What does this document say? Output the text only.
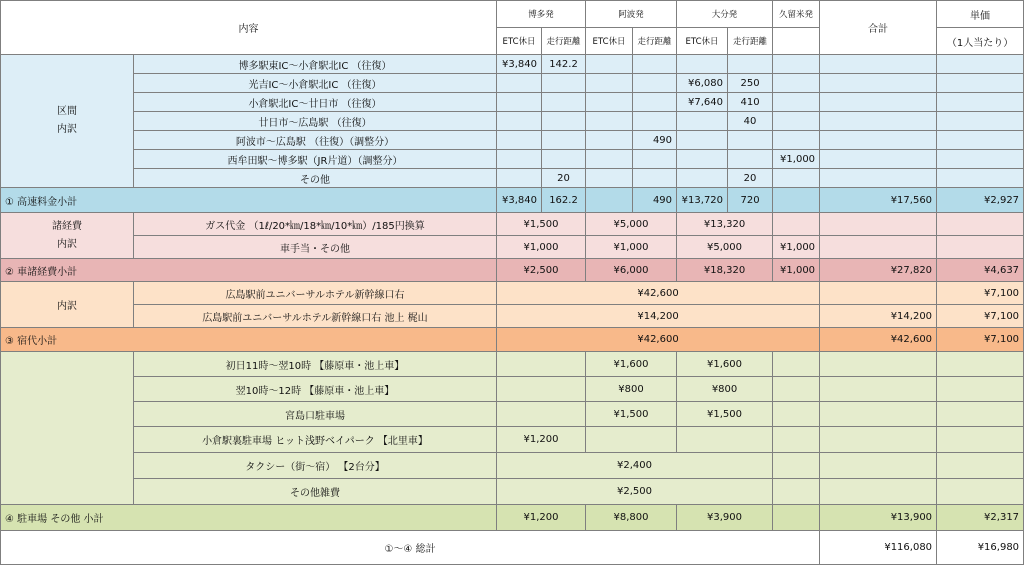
内容		博多発		阿波発		大分発		久留米発	合計	単価
		ETC休日	走行距離	ETC休日	走行距離	ETC休日	走行距離			（1人当たり）

区間
内訳	博多駅東IC～小倉駅北IC （往復）	¥3,840	142.2							
	光吉IC～小倉駅北IC （往復）					¥6,080	250			
	小倉駅北IC～廿日市 （往復）					¥7,640	410			
	廿日市～広島駅 （往復）						40			
	阿波市～広島駅 （往復）（調整分）				490					
	西牟田駅～博多駅（JR片道）（調整分）							¥1,000		
	その他		20				20			
① 高速料金小計		¥3,840	162.2		490	¥13,720	720		¥17,560	¥2,927

諸経費
内訳	ガス代金 （1ℓ/20*㎞/18*㎞/10*㎞）/185円換算	¥1,500		¥5,000		¥13,320				
	車手当・その他	¥1,000		¥1,000		¥5,000		¥1,000		
② 車諸経費小計		¥2,500		¥6,000		¥18,320		¥1,000	¥27,820	¥4,637
内訳	広島駅前ユニバーサルホテル新幹線口右	¥42,600								¥7,100
	広島駅前ユニバーサルホテル新幹線口右 池上 梶山	¥14,200							¥14,200	¥7,100
③ 宿代小計		¥42,600							¥42,600	¥7,100
	初日11時～翌10時 【藤原車・池上車】			¥1,600		¥1,600				
	翌10時～12時 【藤原車・池上車】			¥800		¥800				
	宮島口駐車場			¥1,500		¥1,500				
	小倉駅裏駐車場 ヒット浅野ベイパーク 【北里車】	¥1,200								
	タクシー（街～宿） 【2台分】	¥2,400								
	その他雑費	¥2,500								
④ 駐車場 その他 小計		¥1,200		¥8,800		¥3,900			¥13,900	¥2,317
①～④ 総計									¥116,080	¥16,980
